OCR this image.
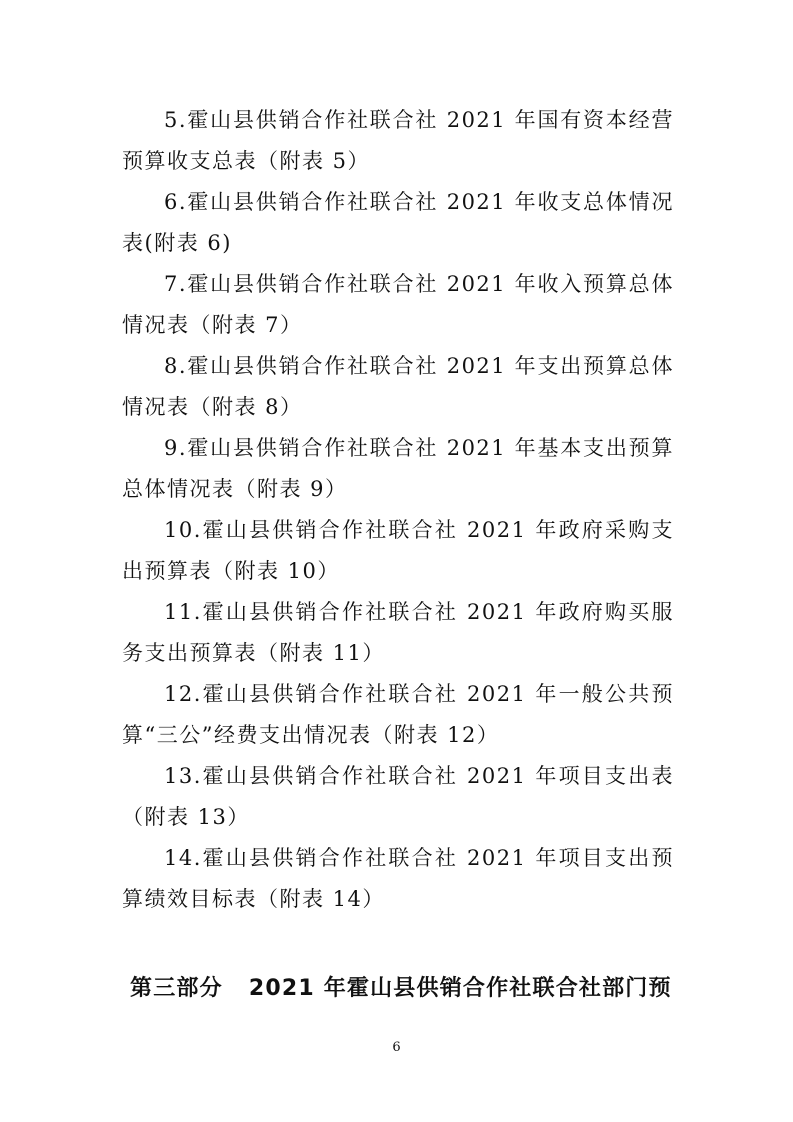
5.霍山县供销合作社联合社 2021 年国有资本经营预算收支总表（附表 5）

6.霍山县供销合作社联合社 2021 年收支总体情况表(附表 6)

7.霍山县供销合作社联合社 2021 年收入预算总体情况表（附表 7）

8.霍山县供销合作社联合社 2021 年支出预算总体情况表（附表 8）

9.霍山县供销合作社联合社 2021 年基本支出预算总体情况表（附表 9）

10.霍山县供销合作社联合社 2021 年政府采购支出预算表（附表 10）

11.霍山县供销合作社联合社 2021 年政府购买服务支出预算表（附表 11）

12.霍山县供销合作社联合社 2021 年一般公共预算“三公”经费支出情况表（附表 12）

13.霍山县供销合作社联合社 2021 年项目支出表（附表 13）

14.霍山县供销合作社联合社 2021 年项目支出预算绩效目标表（附表 14）

第三部分 2021 年霍山县供销合作社联合社部门预
6
